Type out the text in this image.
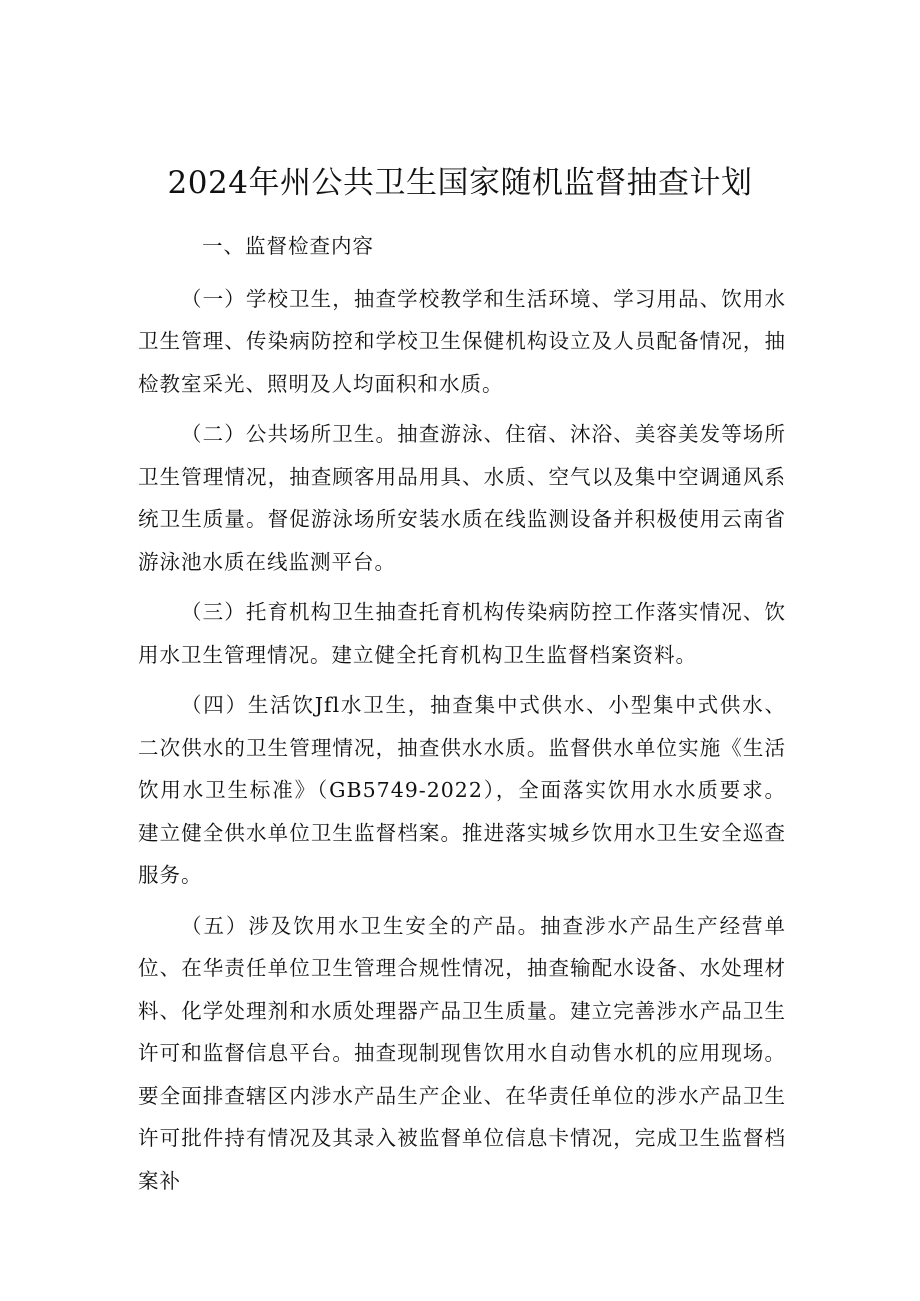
2024年州公共卫生国家随机监督抽查计划

一、监督检查内容

（一）学校卫生，抽查学校教学和生活环境、学习用品、饮用水卫生管理、传染病防控和学校卫生保健机构设立及人员配备情况，抽检教室采光、照明及人均面积和水质。

（二）公共场所卫生。抽查游泳、住宿、沐浴、美容美发等场所卫生管理情况，抽查顾客用品用具、水质、空气以及集中空调通风系统卫生质量。督促游泳场所安装水质在线监测设备并积极使用云南省游泳池水质在线监测平台。

（三）托育机构卫生抽查托育机构传染病防控工作落实情况、饮用水卫生管理情况。建立健全托育机构卫生监督档案资料。

（四）生活饮Jfl水卫生，抽查集中式供水、小型集中式供水、二次供水的卫生管理情况，抽查供水水质。监督供水单位实施《生活饮用水卫生标准》（GB5749-2022），全面落实饮用水水质要求。建立健全供水单位卫生监督档案。推进落实城乡饮用水卫生安全巡查服务。

（五）涉及饮用水卫生安全的产品。抽查涉水产品生产经营单位、在华责任单位卫生管理合规性情况，抽查输配水设备、水处理材料、化学处理剂和水质处理器产品卫生质量。建立完善涉水产品卫生许可和监督信息平台。抽查现制现售饮用水自动售水机的应用现场。要全面排查辖区内涉水产品生产企业、在华责任单位的涉水产品卫生许可批件持有情况及其录入被监督单位信息卡情况，完成卫生监督档案补
